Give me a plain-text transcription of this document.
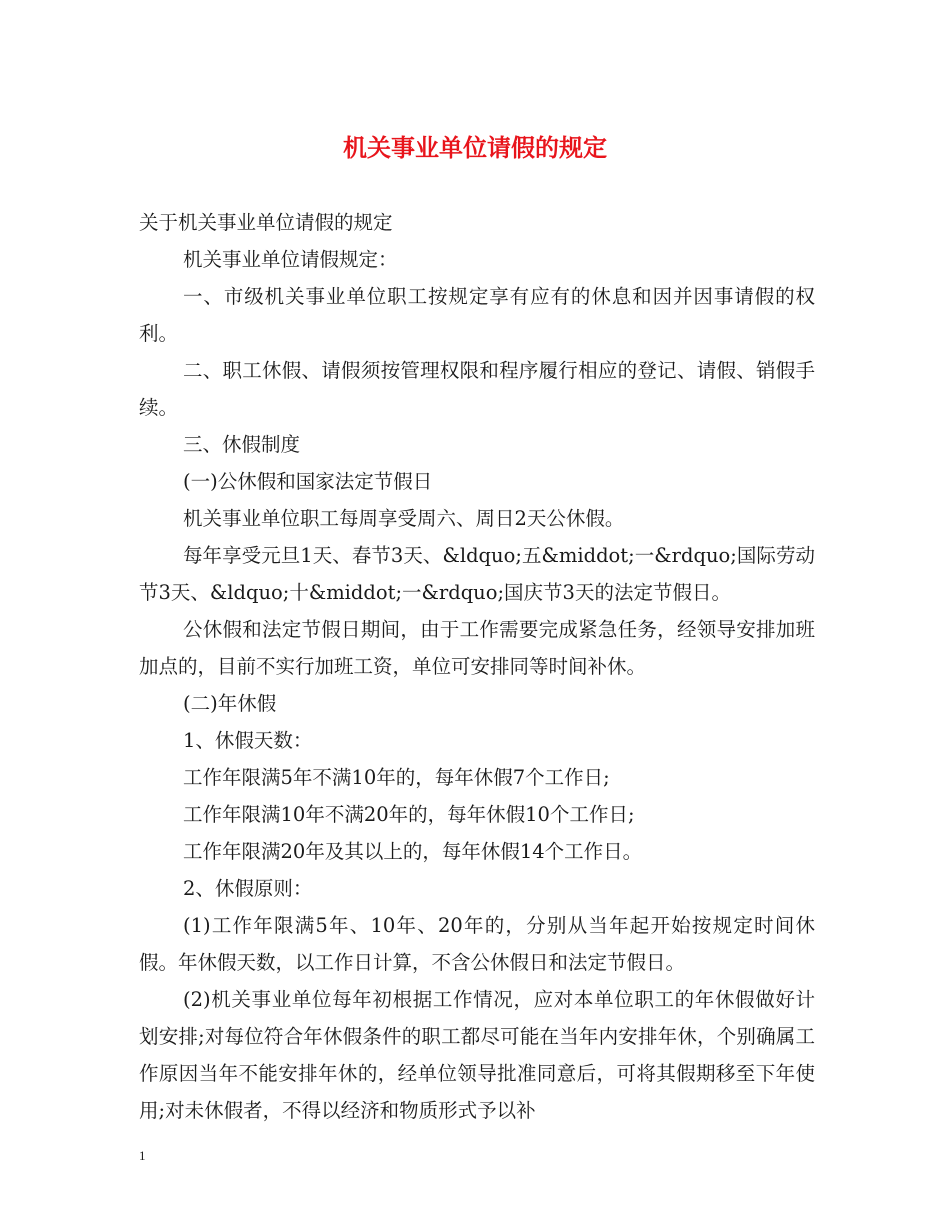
机关事业单位请假的规定

关于机关事业单位请假的规定

机关事业单位请假规定：

一、市级机关事业单位职工按规定享有应有的休息和因并因事请假的权利。

二、职工休假、请假须按管理权限和程序履行相应的登记、请假、销假手续。

三、休假制度

(一)公休假和国家法定节假日

机关事业单位职工每周享受周六、周日2天公休假。

每年享受元旦1天、春节3天、&ldquo;五&middot;一&rdquo;国际劳动节3天、&ldquo;十&middot;一&rdquo;国庆节3天的法定节假日。

公休假和法定节假日期间，由于工作需要完成紧急任务，经领导安排加班加点的，目前不实行加班工资，单位可安排同等时间补休。

(二)年休假

1、休假天数：

工作年限满5年不满10年的，每年休假7个工作日;

工作年限满10年不满20年的，每年休假10个工作日;

工作年限满20年及其以上的，每年休假14个工作日。

2、休假原则：

(1)工作年限满5年、10年、20年的，分别从当年起开始按规定时间休假。年休假天数，以工作日计算，不含公休假日和法定节假日。

(2)机关事业单位每年初根据工作情况，应对本单位职工的年休假做好计划安排;对每位符合年休假条件的职工都尽可能在当年内安排年休，个别确属工作原因当年不能安排年休的，经单位领导批准同意后，可将其假期移至下年使用;对未休假者，不得以经济和物质形式予以补

1
